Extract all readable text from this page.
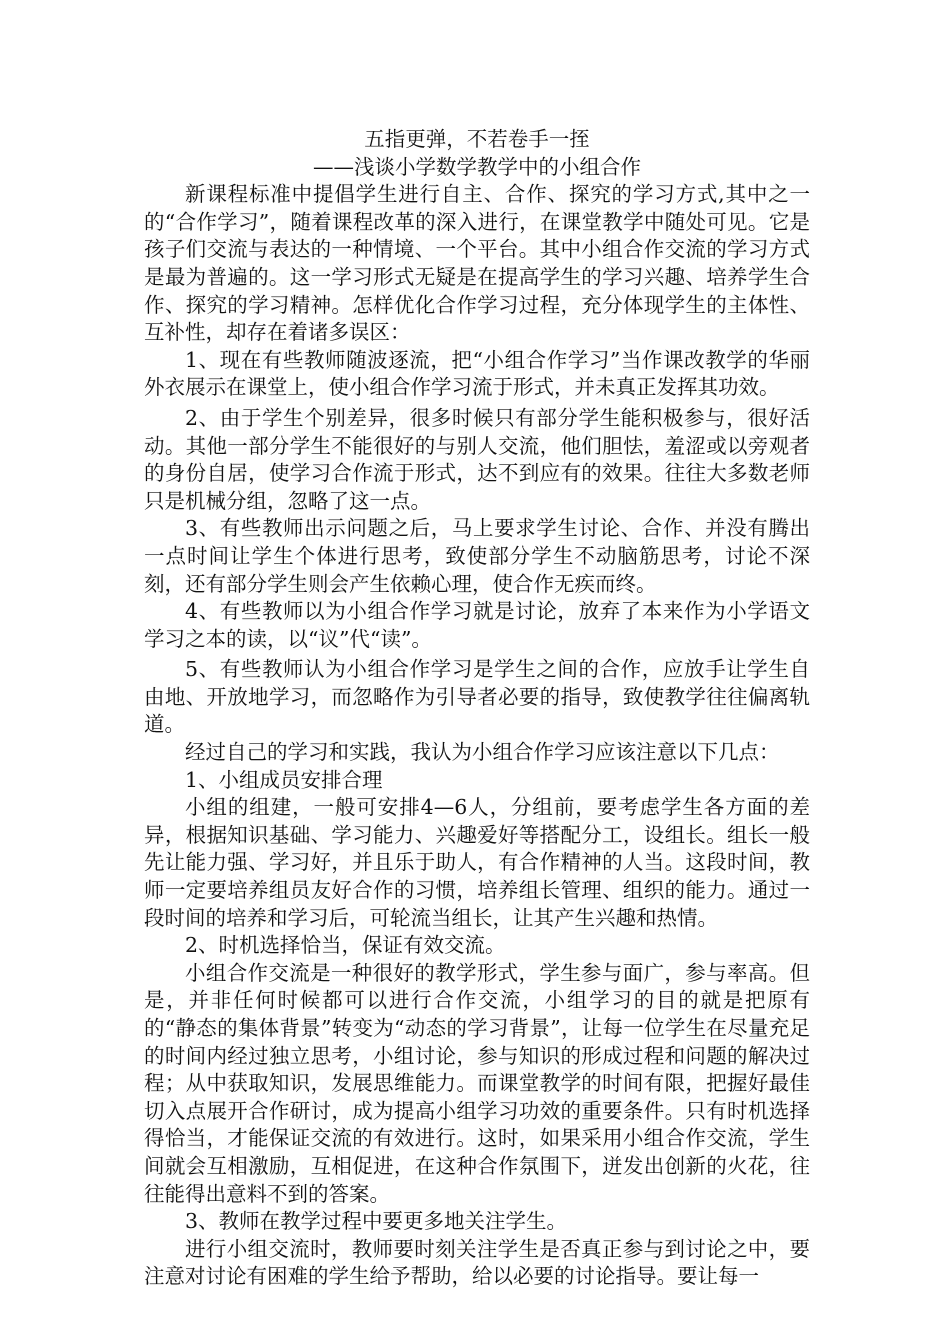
五指更弹，不若卷手一挃
——浅谈小学数学教学中的小组合作

新课程标准中提倡学生进行自主、合作、探究的学习方式,其中之一的“合作学习”，随着课程改革的深入进行，在课堂教学中随处可见。它是孩子们交流与表达的一种情境、一个平台。其中小组合作交流的学习方式是最为普遍的。这一学习形式无疑是在提高学生的学习兴趣、培养学生合作、探究的学习精神。怎样优化合作学习过程，充分体现学生的主体性、互补性，却存在着诸多误区：

1、现在有些教师随波逐流，把“小组合作学习”当作课改教学的华丽外衣展示在课堂上，使小组合作学习流于形式，并未真正发挥其功效。

2、由于学生个别差异，很多时候只有部分学生能积极参与，很好活动。其他一部分学生不能很好的与别人交流，他们胆怯，羞涩或以旁观者的身份自居，使学习合作流于形式，达不到应有的效果。往往大多数老师只是机械分组，忽略了这一点。

3、有些教师出示问题之后，马上要求学生讨论、合作、并没有腾出一点时间让学生个体进行思考，致使部分学生不动脑筋思考，讨论不深刻，还有部分学生则会产生依赖心理，使合作无疾而终。

4、有些教师以为小组合作学习就是讨论，放弃了本来作为小学语文学习之本的读，以“议”代“读”。

5、有些教师认为小组合作学习是学生之间的合作，应放手让学生自由地、开放地学习，而忽略作为引导者必要的指导，致使教学往往偏离轨道。

经过自己的学习和实践，我认为小组合作学习应该注意以下几点：

1、小组成员安排合理

小组的组建，一般可安排4—6人，分组前，要考虑学生各方面的差异，根据知识基础、学习能力、兴趣爱好等搭配分工，设组长。组长一般先让能力强、学习好，并且乐于助人，有合作精神的人当。这段时间，教师一定要培养组员友好合作的习惯，培养组长管理、组织的能力。通过一段时间的培养和学习后，可轮流当组长，让其产生兴趣和热情。

2、时机选择恰当，保证有效交流。

小组合作交流是一种很好的教学形式，学生参与面广，参与率高。但是，并非任何时候都可以进行合作交流，小组学习的目的就是把原有的“静态的集体背景”转变为“动态的学习背景”，让每一位学生在尽量充足的时间内经过独立思考，小组讨论，参与知识的形成过程和问题的解决过程；从中获取知识，发展思维能力。而课堂教学的时间有限，把握好最佳切入点展开合作研讨，成为提高小组学习功效的重要条件。只有时机选择得恰当，才能保证交流的有效进行。这时，如果采用小组合作交流，学生间就会互相激励，互相促进，在这种合作氛围下，迸发出创新的火花，往往能得出意料不到的答案。

3、教师在教学过程中要更多地关注学生。

进行小组交流时，教师要时刻关注学生是否真正参与到讨论之中，要注意对讨论有困难的学生给予帮助，给以必要的讨论指导。要让每一
